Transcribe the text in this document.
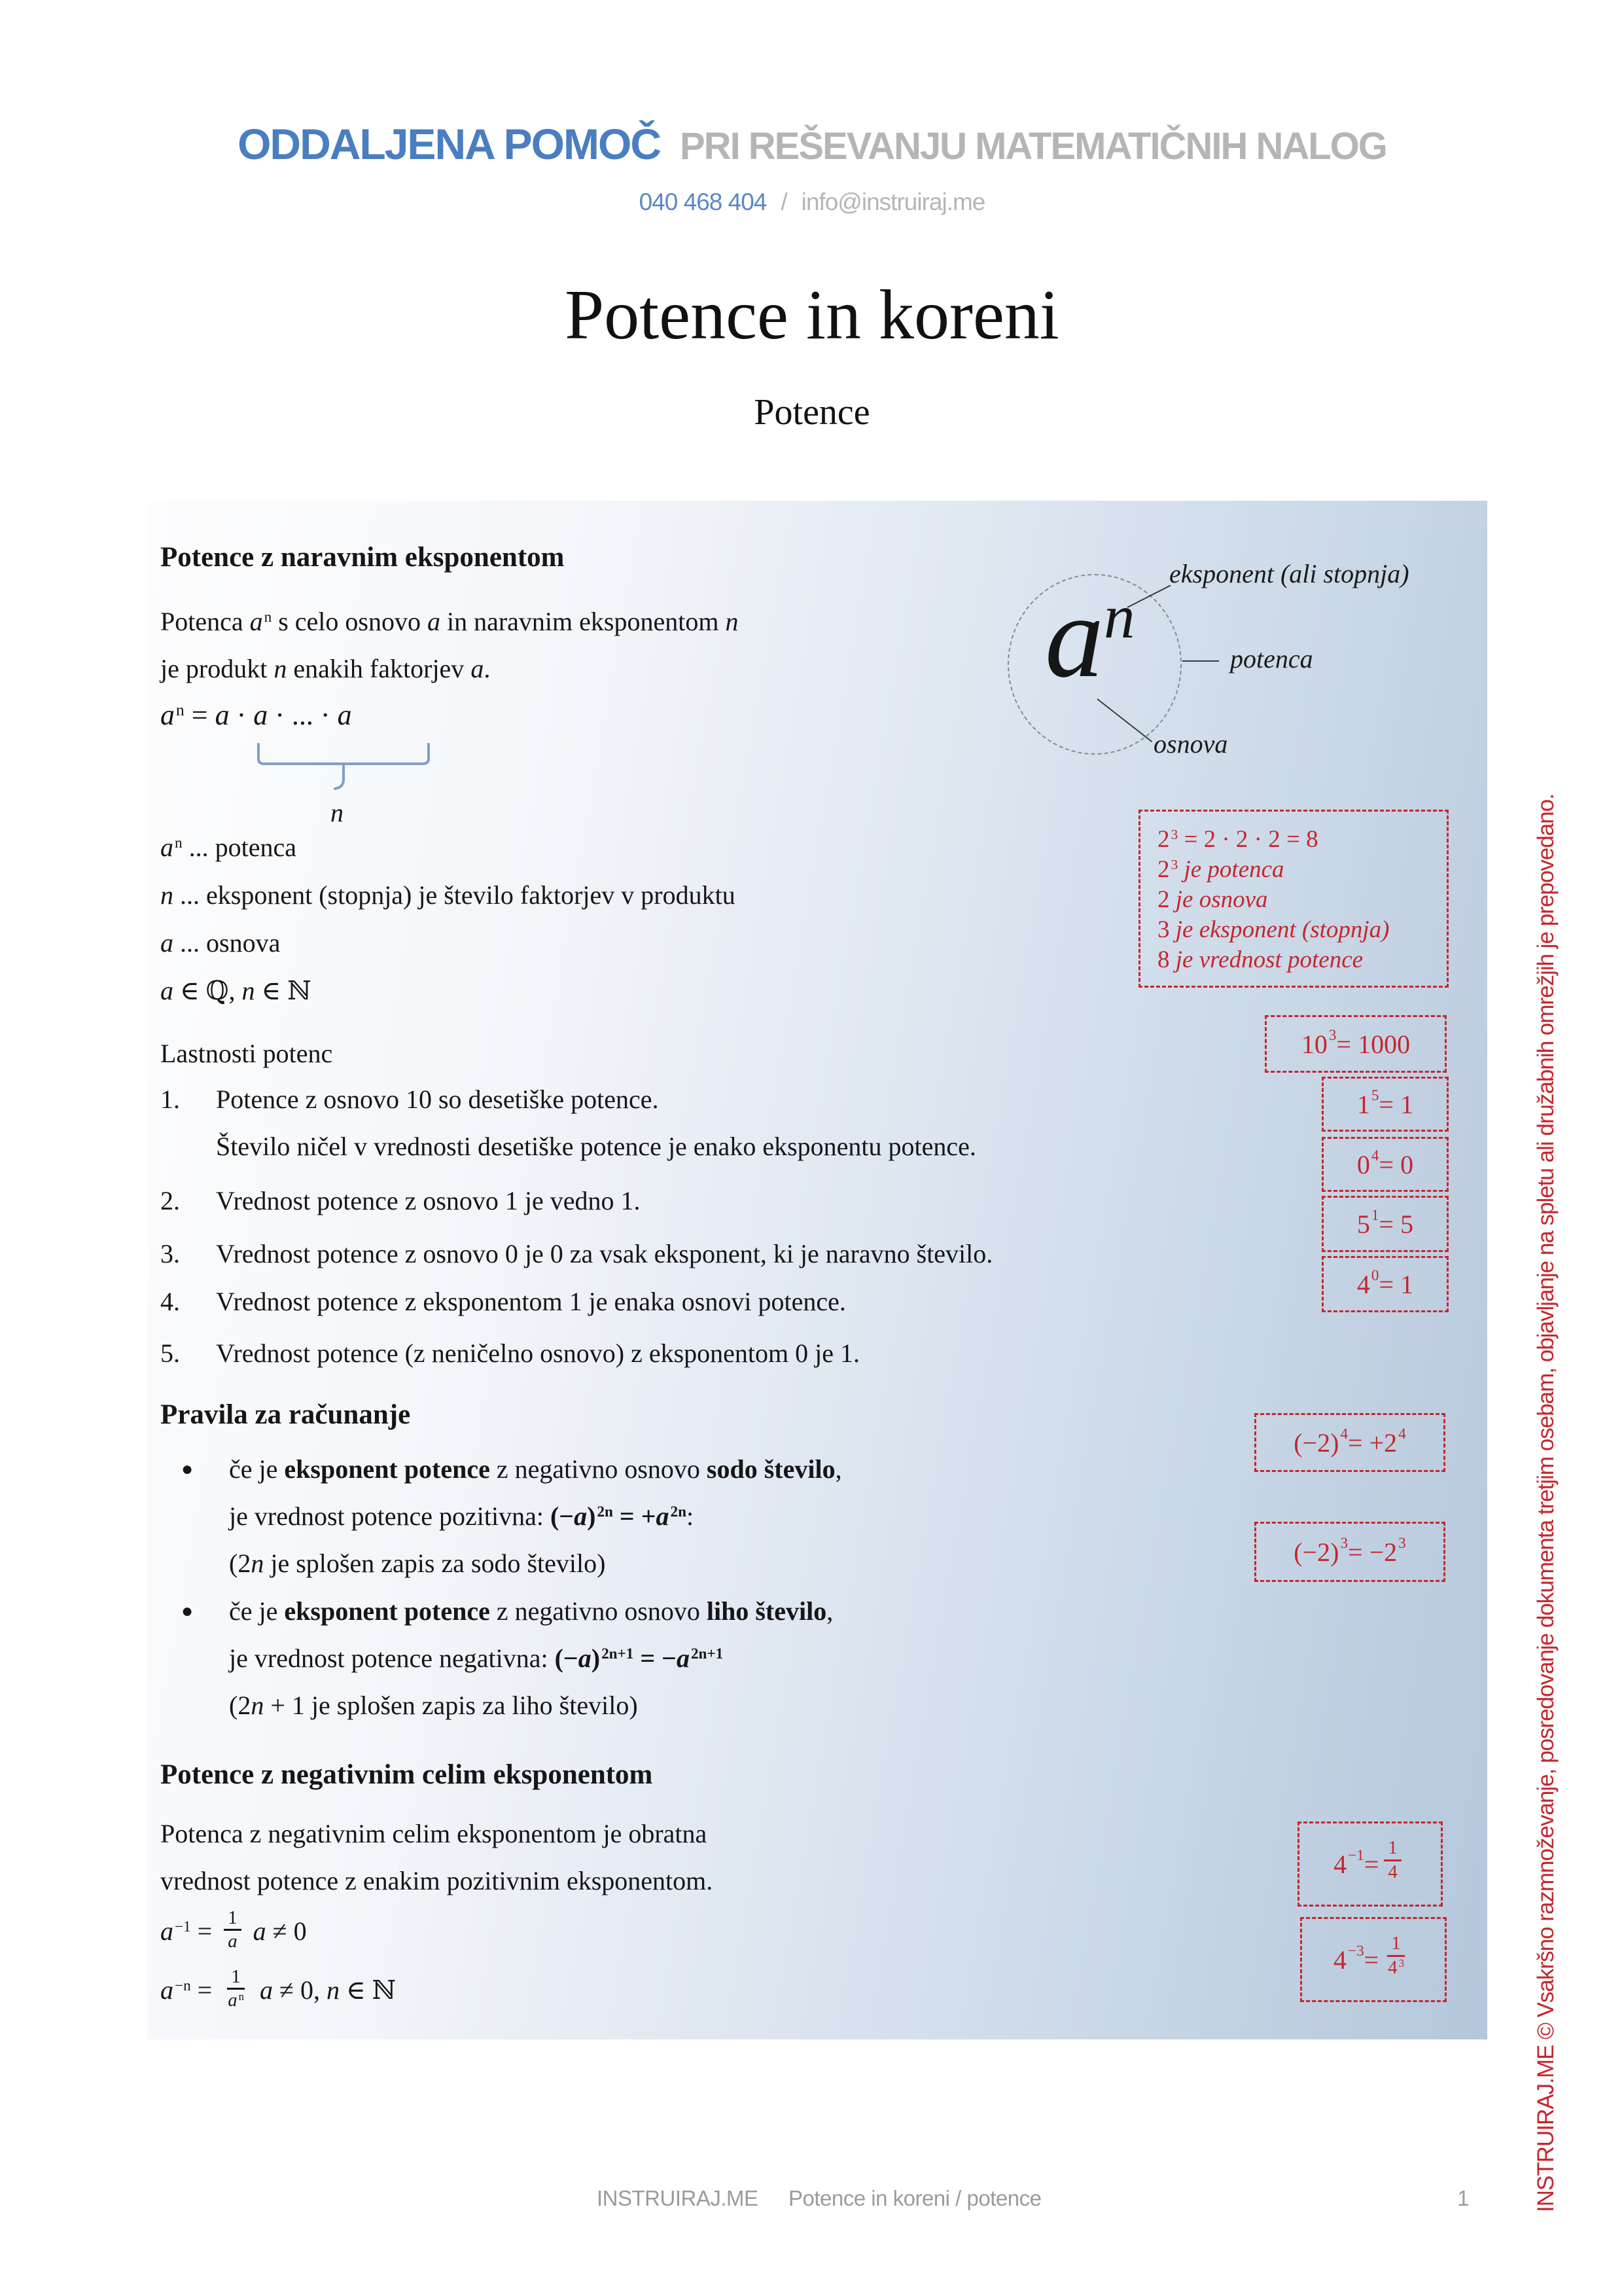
ODDALJENA POMOČ PRI REŠEVANJU MATEMATIČNIH NALOG
040 468 404 / info@instruiraj.me
Potence in koreni
Potence
Potence z naravnim eksponentom
Potenca $a^n$ s celo osnovo a in naravnim eksponentom n
je produkt n enakih faktorjev a.
$a^n = a \cdot a$ · ... · a
n
$a^n$ ... potenca
n ... eksponent (stopnja) je število faktorjev v produktu
a ... osnova
a ∈ ℚ, n ∈ ℕ
$a^n$
eksponent (ali stopnja)
potenca
osnova
$2^3 = 2 \cdot 2 \cdot 2 = 8$
$2^3$ je potenca
2 je osnova
3 je eksponent (stopnja)
8 je vrednost potence
Lastnosti potenc
1. Potence z osnovo 10 so desetiške potence.
Število ničel v vrednosti desetiške potence je enako eksponentu potence.
2. Vrednost potence z osnovo 1 je vedno 1.
3. Vrednost potence z osnovo 0 je 0 za vsak eksponent, ki je naravno število.
4. Vrednost potence z eksponentom 1 je enaka osnovi potence.
5. Vrednost potence (z neničelno osnovo) z eksponentom 0 je 1.
$10^3 = 1000$
$1^5 = 1$
$0^4 = 0$
$5^1 = 5$
$4^0 = 1$
Pravila za računanje
● če je eksponent potence z negativno osnovo sodo število,
je vrednost potence pozitivna: $(-a)^{2n} = +a^{2n}$:
(2n je splošen zapis za sodo število)
● če je eksponent potence z negativno osnovo liho število,
je vrednost potence negativna: $(-a)^{2n+1} = -a^{2n+1}$
(2n + 1 je splošen zapis za liho število)
$(-2)^4 = +2^4$
$(-2)^3 = -2^3$
Potence z negativnim celim eksponentom
Potenca z negativnim celim eksponentom je obratna
vrednost potence z enakim pozitivnim eksponentom.
$a^{-1} = \frac{1}{a}$ a ≠ 0
$a^{-n} = \frac{1}{a ^n}$ a ≠ 0, n ∈ ℕ
$4^{-1} = \frac{1}{4}$
$4^{-3} = \frac{1}{4 ^3}$	INSTRUIRAJ.ME © Vsakršno razmnoževanje, posredovanje dokumenta tretjim osebam, objavljanje na spletu ali družabnih omrežjih je prepovedano.
INSTRUIRAJ.ME Potence in koreni / potence	1
